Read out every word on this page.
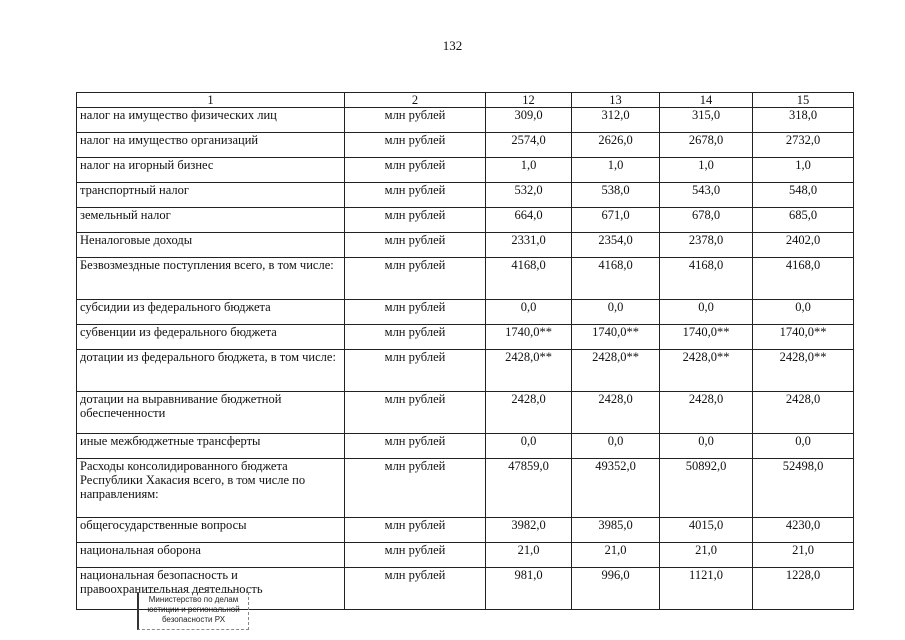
132
1	2	12	13	14	15
налог на имущество физических лиц	млн рублей	309,0	312,0	315,0	318,0
налог на имущество организаций	млн рублей	2574,0	2626,0	2678,0	2732,0
налог на игорный бизнес	млн рублей	1,0	1,0	1,0	1,0
транспортный налог	млн рублей	532,0	538,0	543,0	548,0
земельный налог	млн рублей	664,0	671,0	678,0	685,0
Неналоговые доходы	млн рублей	2331,0	2354,0	2378,0	2402,0
Безвозмездные поступления всего, в том числе:	млн рублей	4168,0	4168,0	4168,0	4168,0
субсидии из федерального бюджета	млн рублей	0,0	0,0	0,0	0,0
субвенции из федерального бюджета	млн рублей	1740,0**	1740,0**	1740,0**	1740,0**
дотации из федерального бюджета, в том числе:	млн рублей	2428,0**	2428,0**	2428,0**	2428,0**
дотации на выравнивание бюджетной обеспеченности	млн рублей	2428,0	2428,0	2428,0	2428,0
иные межбюджетные трансферты	млн рублей	0,0	0,0	0,0	0,0
Расходы консолидированного бюджета Республики Хакасия всего, в том числе по направлениям:	млн рублей	47859,0	49352,0	50892,0	52498,0
общегосударственные вопросы	млн рублей	3982,0	3985,0	4015,0	4230,0
национальная оборона	млн рублей	21,0	21,0	21,0	21,0
национальная безопасность и правоохранительная деятельность	млн рублей	981,0	996,0	1121,0	1228,0
Министерство по делам
юстиции и региональной
безопасности РХ
